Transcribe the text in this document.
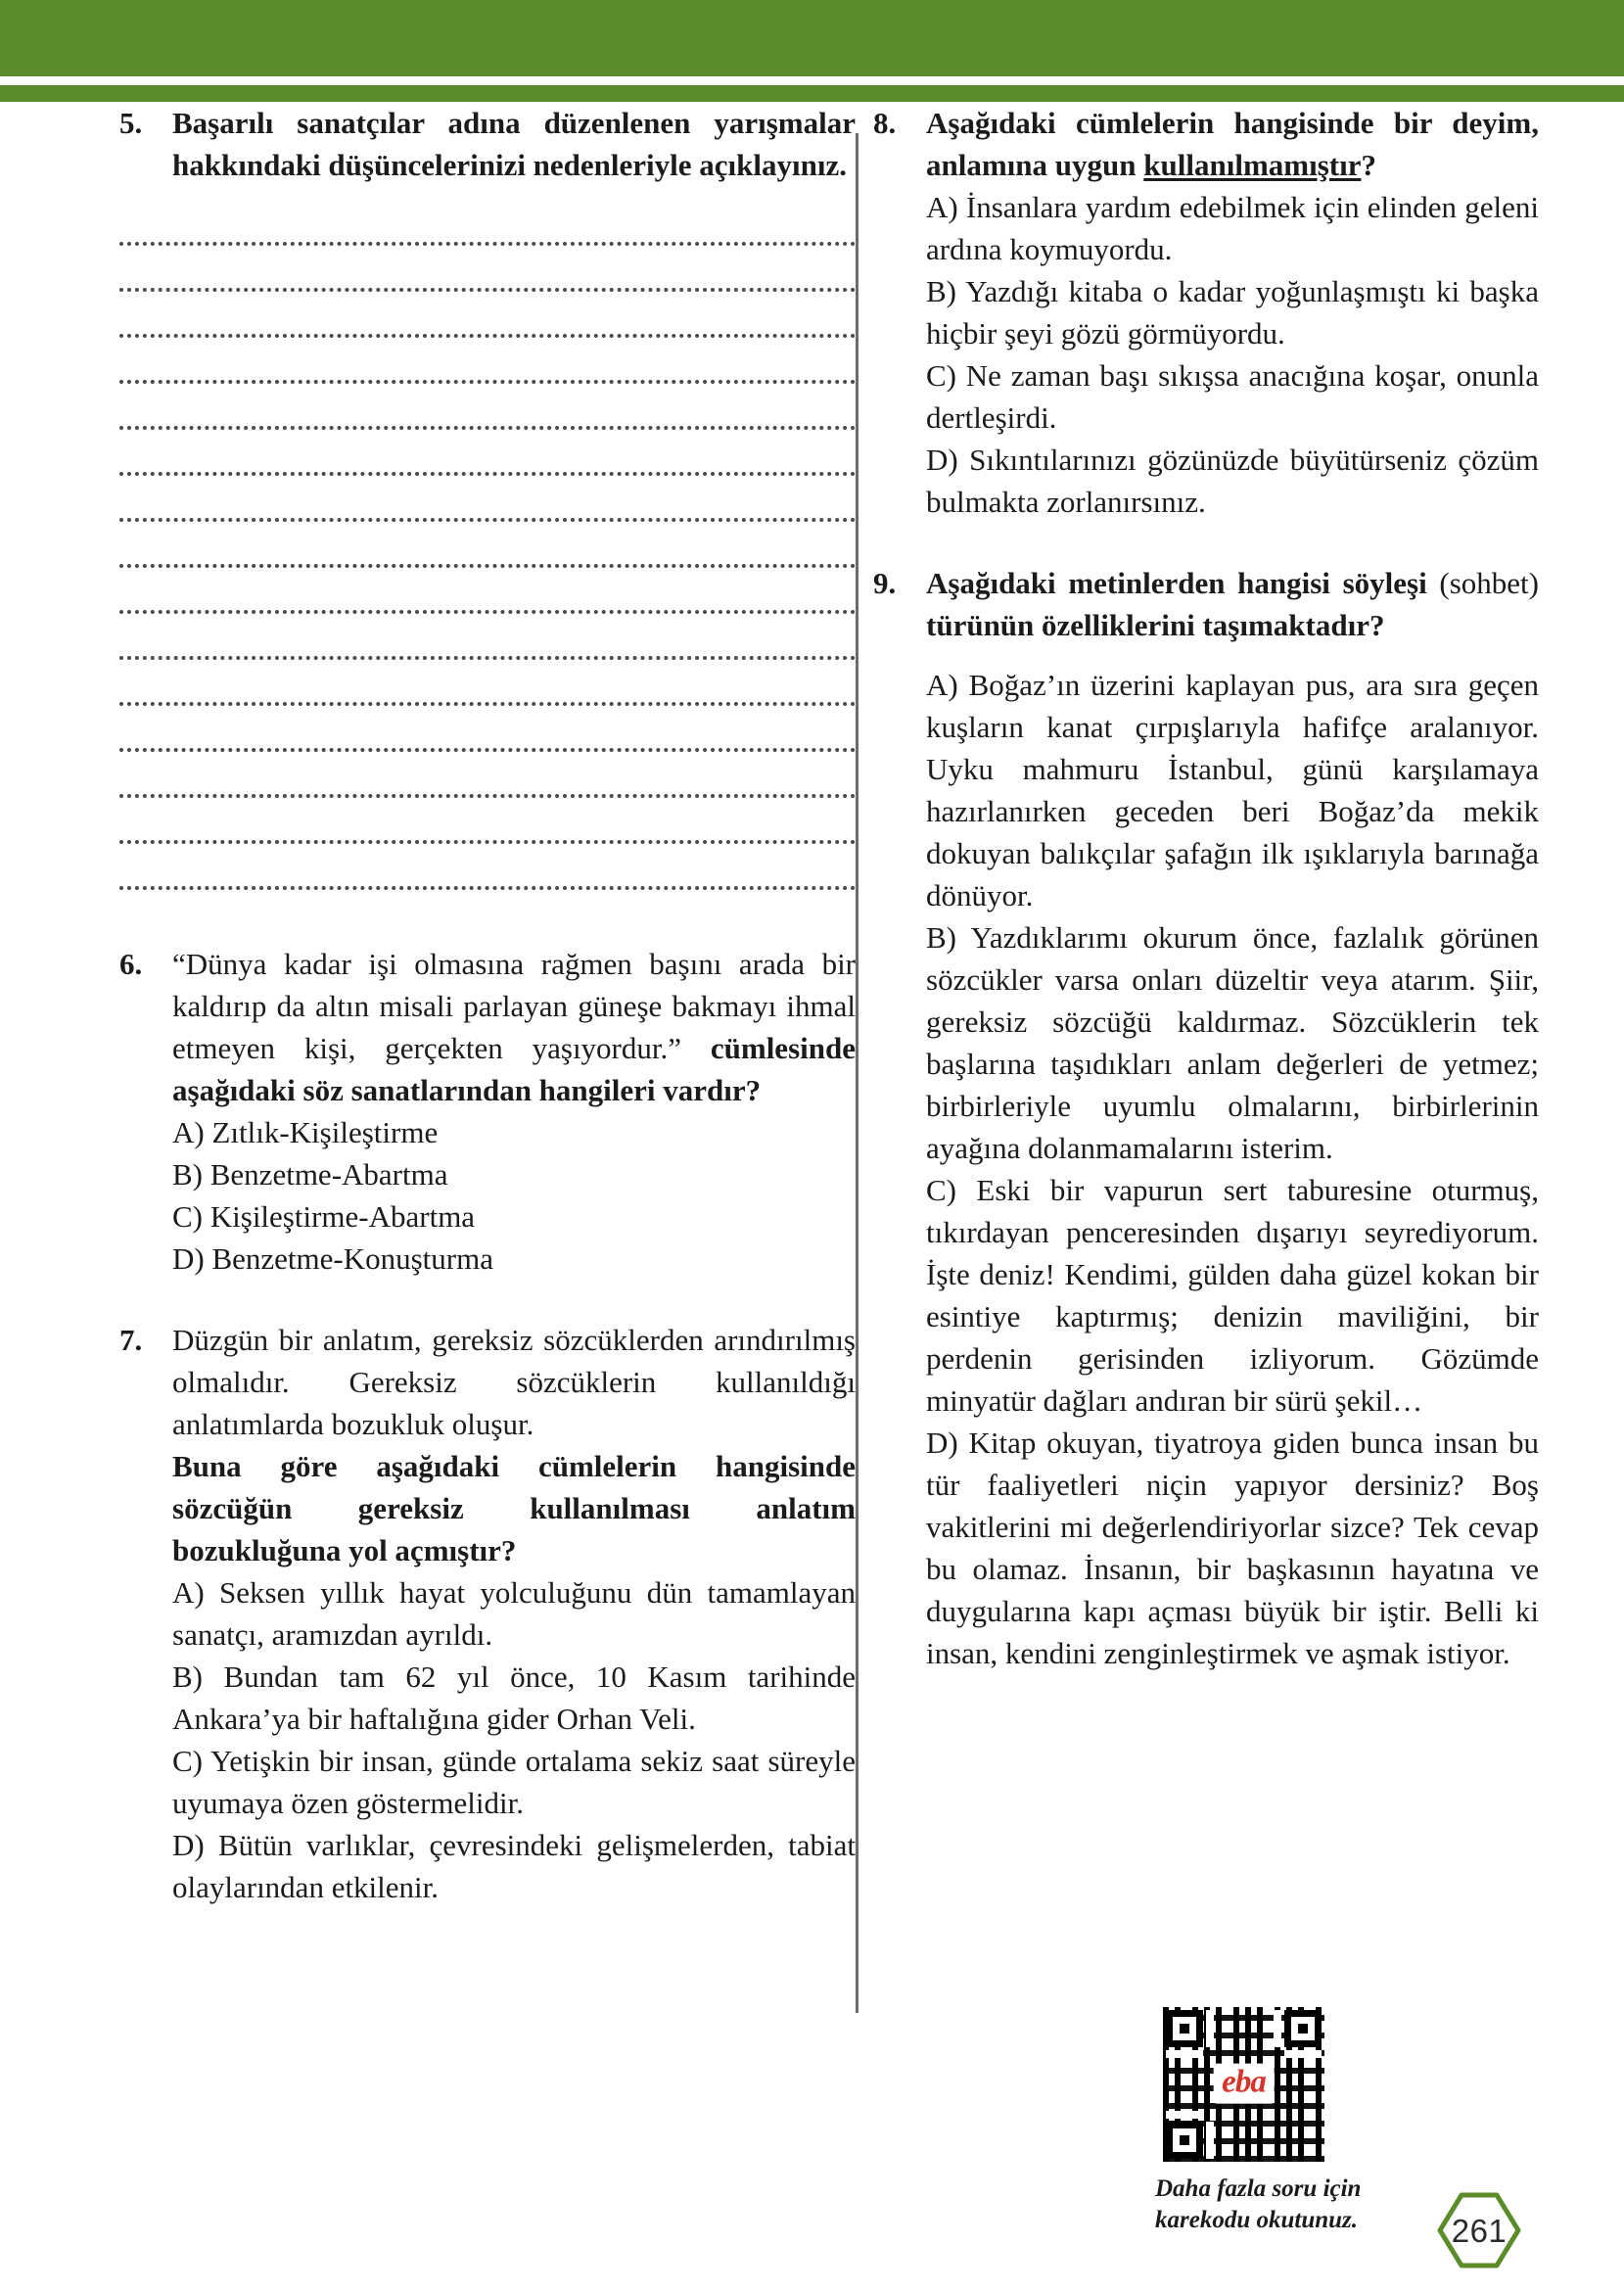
5. Başarılı sanatçılar adına düzenlenen yarışmalar hakkındaki düşüncelerinizi nedenleriyle açıklayınız.

6. “Dünya kadar işi olmasına rağmen başını arada bir kaldırıp da altın misali parlayan güneşe bakmayı ihmal etmeyen kişi, gerçekten yaşıyordur.” cümlesinde aşağıdaki söz sanatlarından hangileri vardır?

A) Zıtlık-Kişileştirme
B) Benzetme-Abartma
C) Kişileştirme-Abartma
D) Benzetme-Konuşturma
7. Düzgün bir anlatım, gereksiz sözcüklerden arındırılmış olmalıdır. Gereksiz sözcüklerin kullanıldığı anlatımlarda bozukluk oluşur.

Buna göre aşağıdaki cümlelerin hangisinde sözcüğün gereksiz kullanılması anlatım bozukluğuna yol açmıştır?

A) Seksen yıllık hayat yolculuğunu dün tamamlayan sanatçı, aramızdan ayrıldı.
B) Bundan tam 62 yıl önce, 10 Kasım tarihinde Ankara’ya bir haftalığına gider Orhan Veli.
C) Yetişkin bir insan, günde ortalama sekiz saat süreyle uyumaya özen göstermelidir.
D) Bütün varlıklar, çevresindeki gelişmelerden, tabiat olaylarından etkilenir.
8. Aşağıdaki cümlelerin hangisinde bir deyim, anlamına uygun kullanılmamıştır?

A) İnsanlara yardım edebilmek için elinden geleni ardına koymuyordu.
B) Yazdığı kitaba o kadar yoğunlaşmıştı ki başka hiçbir şeyi gözü görmüyordu.
C) Ne zaman başı sıkışsa anacığına koşar, onunla dertleşirdi.
D) Sıkıntılarınızı gözünüzde büyütürseniz çözüm bulmakta zorlanırsınız.
9. Aşağıdaki metinlerden hangisi söyleşi (sohbet) türünün özelliklerini taşımaktadır?

A) Boğaz’ın üzerini kaplayan pus, ara sıra geçen kuşların kanat çırpışlarıyla hafifçe aralanıyor. Uyku mahmuru İstanbul, günü karşılamaya hazırlanırken geceden beri Boğaz’da mekik dokuyan balıkçılar şafağın ilk ışıklarıyla barınağa dönüyor.
B) Yazdıklarımı okurum önce, fazlalık görünen sözcükler varsa onları düzeltir veya atarım. Şiir, gereksiz sözcüğü kaldırmaz. Sözcüklerin tek başlarına taşıdıkları anlam değerleri de yetmez; birbirleriyle uyumlu olmalarını, birbirlerinin ayağına dolanmamalarını isterim.
C) Eski bir vapurun sert taburesine oturmuş, tıkırdayan penceresinden dışarıyı seyrediyorum. İşte deniz! Kendimi, gülden daha güzel kokan bir esintiye kaptırmış; denizin maviliğini, bir perdenin gerisinden izliyorum. Gözümde minyatür dağları andıran bir sürü şekil…
D) Kitap okuyan, tiyatroya giden bunca insan bu tür faaliyetleri niçin yapıyor dersiniz? Boş vakitlerini mi değerlendiriyorlar sizce? Tek cevap bu olamaz. İnsanın, bir başkasının hayatına ve duygularına kapı açması büyük bir iştir. Belli ki insan, kendini zenginleştirmek ve aşmak istiyor.
eba
Daha fazla soru için
karekodu okutunuz.	261
